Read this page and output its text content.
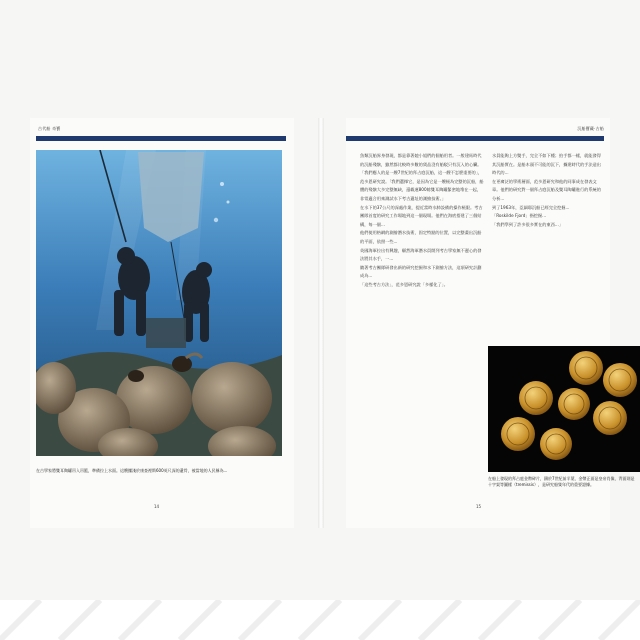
古代船 奇寶
在古學家將雙耳陶罐吊入吊籃，準備拉上水面。這艘擱淺於康查裡斯600英尺深的遺骨，被當地的人民稱為...
14
沉船寶藏·古船

魚類沉船界身發現，都是靠著她小姐們的個船用者。一般建馬時代的沉船殘骸，雖然都比較時多數的貨品沒有船駁只有沉入的心臟。

「我們應人的是一艘7世紀的拜占庭沉船，這一艘不怎麼重要的」，范多恩研究說。「我們選擇它，是因為它是一艘極為完整的沉船，船體的殘骸大多完整無缺，還載運800餘雙耳陶罐緊密地堆在一起，非常適合用來測試水下考古遺址的測繪技術。」

在水下的37公尺的深處作業，提近當時水肺設備的操作極限。考古團隊首度的研究工作場地到這一個現場。他們在海底搭建了三個結構，每一個...

他們使用格網的測繪潛水技術，固定特點的位置，以完整畫出沉船的平面，依照一些...

英國海軍拉出有興趣，願然海軍潛水員開列考古學家無不遲心的發法將其水手，一...

隨著考古團隊研發出新的研究挖掘和水下測繪方法，這項研究計劃成為...

「這些考古方法」，范多恩研究說「多樣化了」。

水員能夠上方雙手，完全不如下種；拍手都一樣，就能發得其沉船實在。是船木頭不可能的沉下，據建時代的手法造出時代的...

在更廣泛的學術層面，范多恩研究和他的同事成在發表文章。他們的研究對一個拜占庭沉船及雙耳陶罐進行的系統的分析...

到了1963年，亞細耶沉船已經完全挖掘...

「Roskilde Fjord」指挖掘...

「我們學到了許多很多實在的東西...」

在船上發現的拜占庭金幣碎片，鑄於7世紀前半葉，金幣正面是皇帝肖像，背面則是十字架等圖樣（tremissis），是研究船隻年代的重要證據。
15
